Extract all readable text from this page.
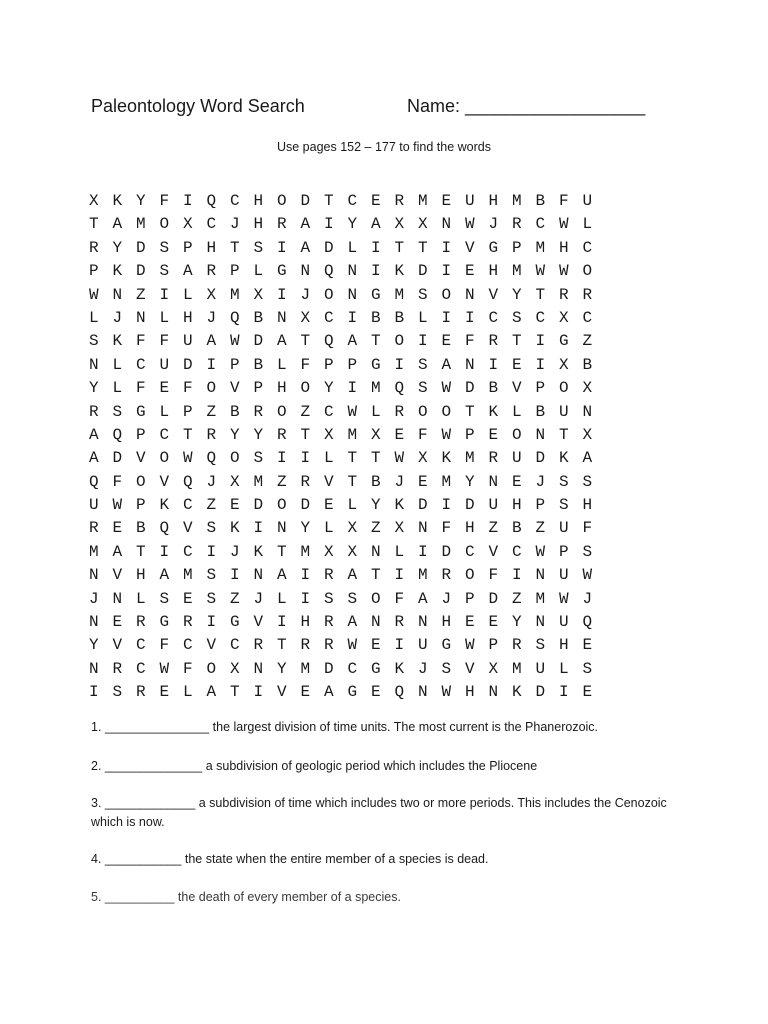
Paleontology Word Search	Name: __________________
Use pages 152 – 177 to find the words
X K Y F I Q C H O D T C E R M E U H M B F U
T A M O X C J H R A I Y A X X N W J R C W L
R Y D S P H T S I A D L I T T I V G P M H C
P K D S A R P L G N Q N I K D I E H M W W O
W N Z I L X M X I J O N G M S O N V Y T R R
L J N L H J Q B N X C I B B L I I C S C X C
S K F F U A W D A T Q A T O I E F R T I G Z
N L C U D I P B L F P P G I S A N I E I X B
Y L F E F O V P H O Y I M Q S W D B V P O X
R S G L P Z B R O Z C W L R O O T K L B U N
A Q P C T R Y Y R T X M X E F W P E O N T X
A D V O W Q O S I I L T T W X K M R U D K A
Q F O V Q J X M Z R V T B J E M Y N E J S S
U W P K C Z E D O D E L Y K D I D U H P S H
R E B Q V S K I N Y L X Z X N F H Z B Z U F
M A T I C I J K T M X X N L I D C V C W P S
N V H A M S I N A I R A T I M R O F I N U W
J N L S E S Z J L I S S O F A J P D Z M W J
N E R G R I G V I H R A N R N H E E Y N U Q
Y V C F C V C R T R R W E I U G W P R S H E
N R C W F O X N Y M D C G K J S V X M U L S
I S R E L A T I V E A G E Q N W H N K D I E
1. _______________ the largest division of time units. The most current is the Phanerozoic.
2. ______________ a subdivision of geologic period which includes the Pliocene
3. _____________ a subdivision of time which includes two or more periods. This includes the Cenozoic which is now.
4. ___________ the state when the entire member of a species is dead.
5. __________ the death of every member of a species.
